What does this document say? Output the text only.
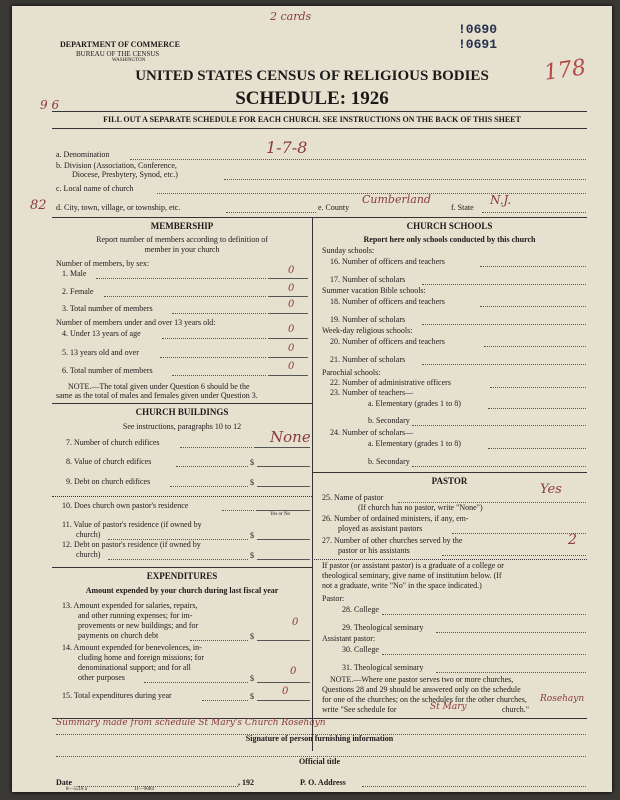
2 cards
!0690
!0691
178
9 6
DEPARTMENT OF COMMERCE
BUREAU OF THE CENSUS
WASHINGTON
UNITED STATES CENSUS OF RELIGIOUS BODIES
SCHEDULE: 1926
FILL OUT A SEPARATE SCHEDULE FOR EACH CHURCH. SEE INSTRUCTIONS ON THE BACK OF THIS SHEET
a. Denomination	1-7-8
b. Division (Association, Conference,
Diocese, Presbytery, Synod, etc.)
c. Local name of church
82 d. City, town, village, or township, etc.	e. County
Cumberland
f. State
N.J.
MEMBERSHIP
Report number of members according to definition of
member in your church
Number of members, by sex:
1. Male	0
2. Female	0
3. Total number of members	0
Number of members under and over 13 years old:
4. Under 13 years of age	0
5. 13 years old and over	0
6. Total number of members	0
NOTE.—The total given under Question 6 should be the
same as the total of males and females given under Question 3.
CHURCH BUILDINGS
See instructions, paragraphs 10 to 12
7. Number of church edifices	None
8. Value of church edifices	$
9. Debt on church edifices	$
10. Does church own pastor's residence
Yes or No
11. Value of pastor's residence (if owned by
church)	$
12. Debt on pastor's residence (if owned by
church)	$
EXPENDITURES
Amount expended by your church during last fiscal year
13. Amount expended for salaries, repairs,
and other running expenses; for im-
provements or new buildings; and for
payments on church debt	$
0
14. Amount expended for benevolences, in-
cluding home and foreign missions; for
denominational support; and for all
other purposes	$
0
15. Total expenditures during year	$	0
CHURCH SCHOOLS
Report here only schools conducted by this church
Sunday schools:
16. Number of officers and teachers
17. Number of scholars
Summer vacation Bible schools:
18. Number of officers and teachers
19. Number of scholars
Week-day religious schools:
20. Number of officers and teachers
21. Number of scholars
Parochial schools:
22. Number of administrative officers
23. Number of teachers—
a. Elementary (grades 1 to 8)
b. Secondary
24. Number of scholars—
a. Elementary (grades 1 to 8)
b. Secondary
PASTOR
25. Name of pastor
Yes
(If church has no pastor, write "None")
26. Number of ordained ministers, if any, em-
ployed as assistant pastors
27. Number of other churches served by the
pastor or his assistants
2
If pastor (or assistant pastor) is a graduate of a college or
theological seminary, give name of institution below. (If
not a graduate, write "No" in the space indicated.)
Pastor:
28. College
29. Theological seminary
Assistant pastor:
30. College
31. Theological seminary
NOTE.—Where one pastor serves two or more churches,
Questions 28 and 29 should be answered only on the schedule
for one of the churches; on the schedules for the other churches,
write "See schedule for	St Mary	church."
Rosehayn
Summary made from schedule St Mary's Church Rosehayn
Signature of person furnishing information
Official title
Date	, 192	P. O. Address
8—5518 a	11—9084
